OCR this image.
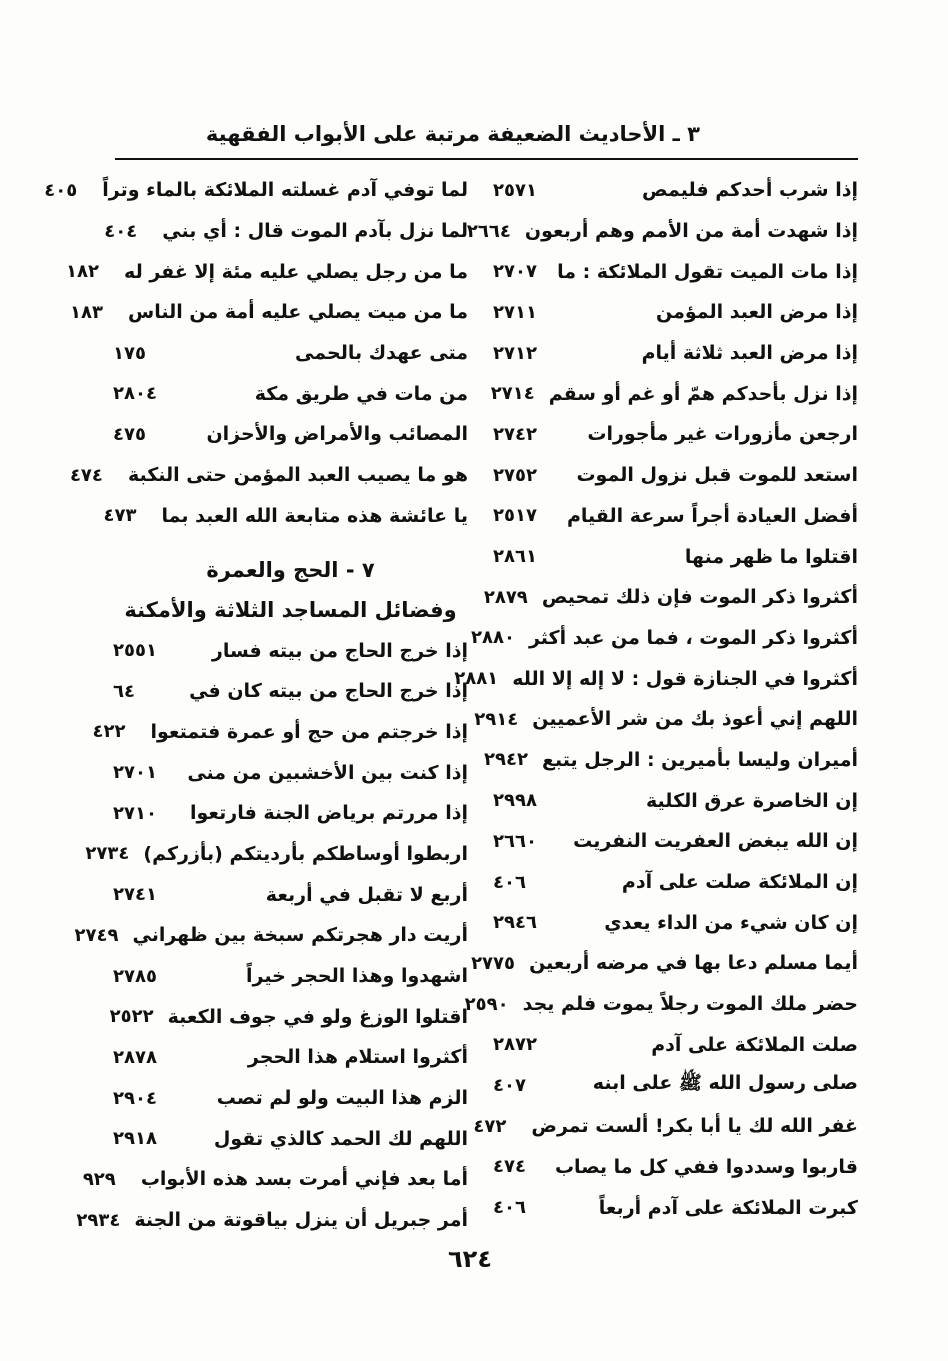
٣ ـ الأحاديث الضعيفة مرتبة على الأبواب الفقهية
إذا شرب أحدكم فليمص
٢٥٧١
إذا شهدت أمة من الأمم وهم أربعون
٢٦٦٤
إذا مات الميت تقول الملائكة : ما
٢٧٠٧
إذا مرض العبد المؤمن
٢٧١١
إذا مرض العبد ثلاثة أيام
٢٧١٢
إذا نزل بأحدكم همّ أو غم أو سقم
٢٧١٤
ارجعن مأزورات غير مأجورات
٢٧٤٢
استعد للموت قبل نزول الموت
٢٧٥٢
أفضل العيادة أجراً سرعة القيام
٢٥١٧
اقتلوا ما ظهر منها
٢٨٦١
أكثروا ذكر الموت فإن ذلك تمحيص
٢٨٧٩
أكثروا ذكر الموت ، فما من عبد أكثر
٢٨٨٠
أكثروا في الجنازة قول : لا إله إلا الله
٢٨٨١
اللهم إني أعوذ بك من شر الأعميين
٢٩١٤
أميران وليسا بأميرين : الرجل يتبع
٢٩٤٢
إن الخاصرة عرق الكلية
٢٩٩٨
إن الله يبغض العفريت النفريت
٢٦٦٠
إن الملائكة صلت على آدم
٤٠٦
إن كان شيء من الداء يعدي
٢٩٤٦
أيما مسلم دعا بها في مرضه أربعين
٢٧٧٥
حضر ملك الموت رجلاً يموت فلم يجد
٢٥٩٠
صلت الملائكة على آدم
٢٨٧٢
صلى رسول الله ﷺ على ابنه
٤٠٧
غفر الله لك يا أبا بكر! ألست تمرض
٤٧٢
قاربوا وسددوا ففي كل ما يصاب
٤٧٤
كبرت الملائكة على آدم أربعاً
٤٠٦
لما توفي آدم غسلته الملائكة بالماء وتراً
٤٠٥
لما نزل بآدم الموت قال : أي بني
٤٠٤
ما من رجل يصلي عليه مئة إلا غفر له
١٨٢
ما من ميت يصلي عليه أمة من الناس
١٨٣
متى عهدك بالحمى
١٧٥
من مات في طريق مكة
٢٨٠٤
المصائب والأمراض والأحزان
٤٧٥
هو ما يصيب العبد المؤمن حتى النكبة
٤٧٤
يا عائشة هذه متابعة الله العبد بما
٤٧٣
٧ - الحج والعمرة
وفضائل المساجد الثلاثة والأمكنة
إذا خرج الحاج من بيته فسار
٢٥٥١
إذا خرج الحاج من بيته كان في
٦٤
إذا خرجتم من حج أو عمرة فتمتعوا
٤٢٢
إذا كنت بين الأخشبين من منى
٢٧٠١
إذا مررتم برياض الجنة فارتعوا
٢٧١٠
اربطوا أوساطكم بأرديتكم (بأزركم)
٢٧٣٤
أربع لا تقبل في أربعة
٢٧٤١
أريت دار هجرتكم سبخة بين ظهراني
٢٧٤٩
اشهدوا وهذا الحجر خيراً
٢٧٨٥
اقتلوا الوزغ ولو في جوف الكعبة
٢٥٢٢
أكثروا استلام هذا الحجر
٢٨٧٨
الزم هذا البيت ولو لم تصب
٢٩٠٤
اللهم لك الحمد كالذي تقول
٢٩١٨
أما بعد فإني أمرت بسد هذه الأبواب
٩٢٩
أمر جبريل أن ينزل بياقوتة من الجنة
٢٩٣٤
٦٢٤
